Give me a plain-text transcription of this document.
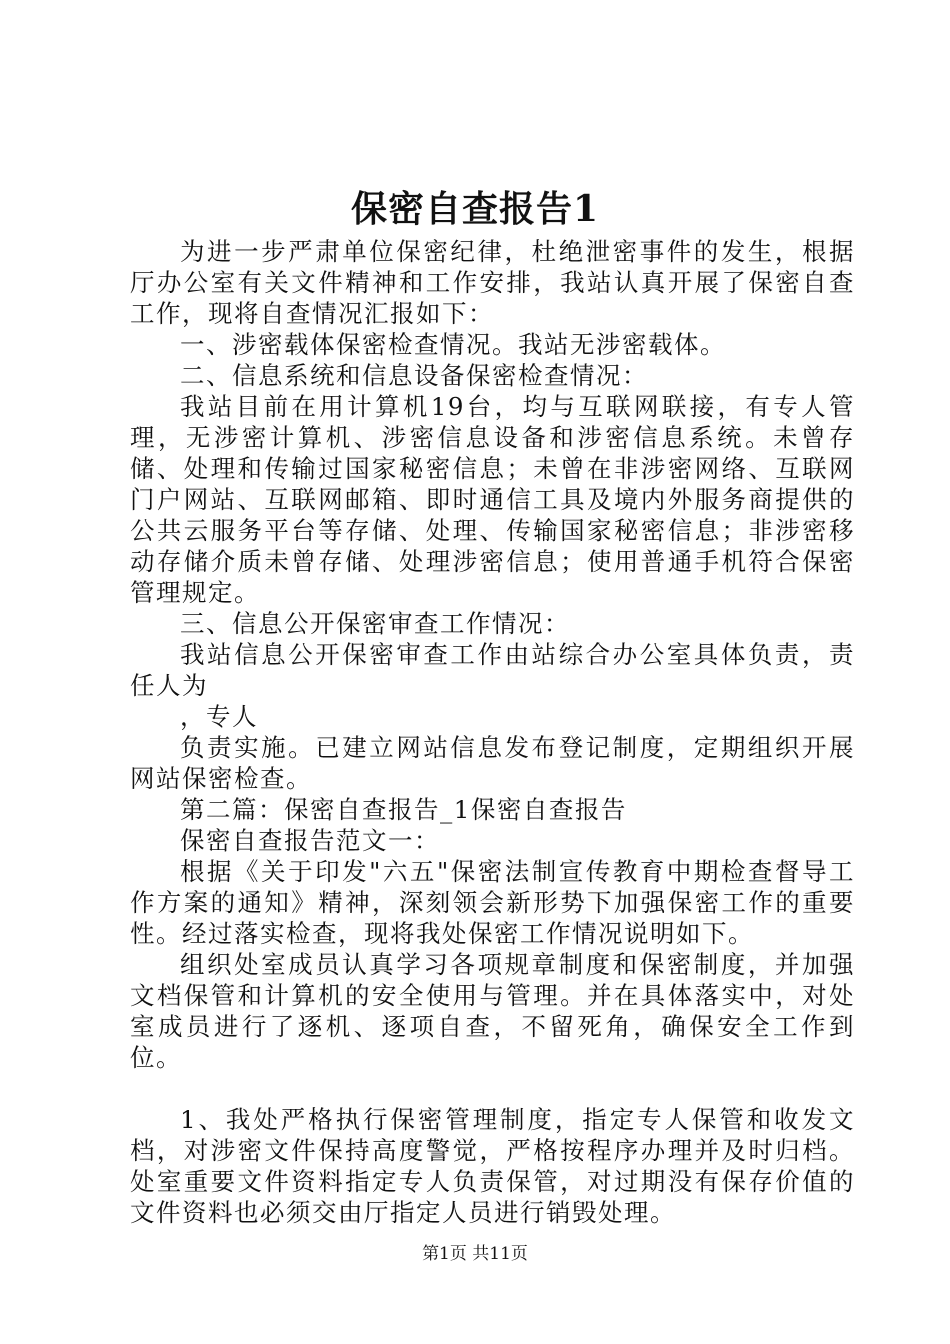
保密自查报告1

为进一步严肃单位保密纪律，杜绝泄密事件的发生，根据厅办公室有关文件精神和工作安排，我站认真开展了保密自查工作，现将自查情况汇报如下：

一、涉密载体保密检查情况。我站无涉密载体。

二、信息系统和信息设备保密检查情况：

我站目前在用计算机19台，均与互联网联接，有专人管理，无涉密计算机、涉密信息设备和涉密信息系统。未曾存储、处理和传输过国家秘密信息；未曾在非涉密网络、互联网门户网站、互联网邮箱、即时通信工具及境内外服务商提供的公共云服务平台等存储、处理、传输国家秘密信息；非涉密移动存储介质未曾存储、处理涉密信息；使用普通手机符合保密管理规定。

三、信息公开保密审查工作情况：

我站信息公开保密审查工作由站综合办公室具体负责，责任人为

，专人

负责实施。已建立网站信息发布登记制度，定期组织开展网站保密检查。

第二篇：保密自查报告_1保密自查报告

保密自查报告范文一：

根据《关于印发"六五"保密法制宣传教育中期检查督导工作方案的通知》精神，深刻领会新形势下加强保密工作的重要性。经过落实检查，现将我处保密工作情况说明如下。

组织处室成员认真学习各项规章制度和保密制度，并加强文档保管和计算机的安全使用与管理。并在具体落实中，对处室成员进行了逐机、逐项自查，不留死角，确保安全工作到位。

1、我处严格执行保密管理制度，指定专人保管和收发文档，对涉密文件保持高度警觉，严格按程序办理并及时归档。处室重要文件资料指定专人负责保管，对过期没有保存价值的文件资料也必须交由厅指定人员进行销毁处理。

第1页 共11页
